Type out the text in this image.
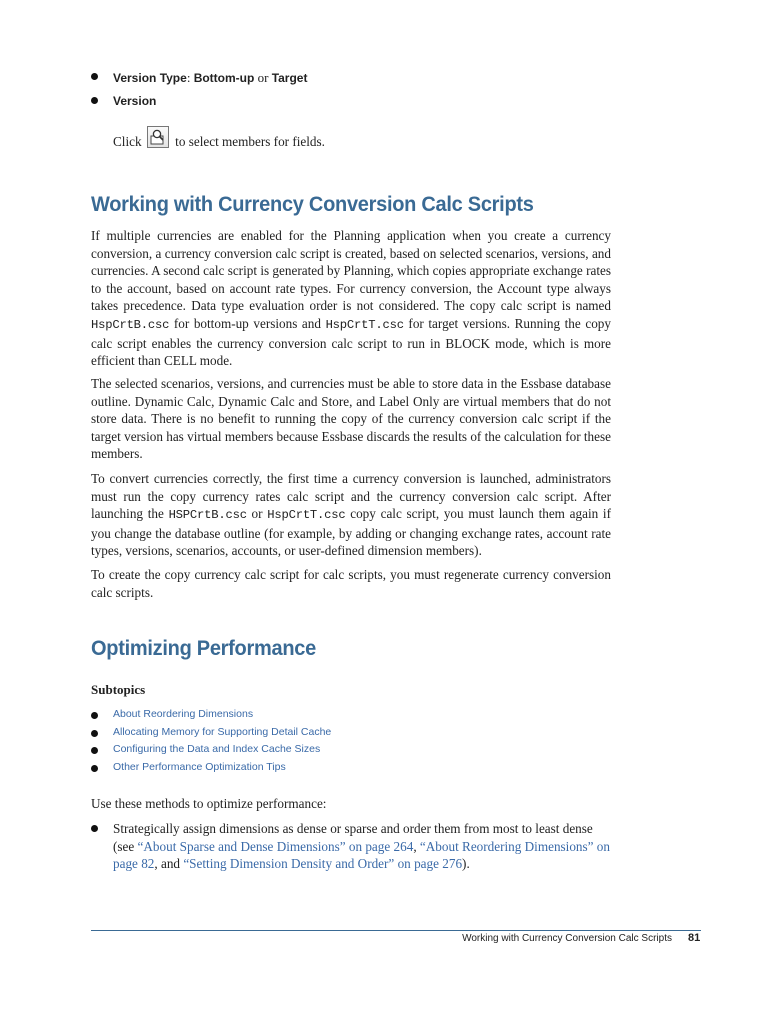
Version Type: Bottom-up or Target
Version
Click	to select members for fields.
Working with Currency Conversion Calc Scripts

If multiple currencies are enabled for the Planning application when you create a currency conversion, a currency conversion calc script is created, based on selected scenarios, versions, and currencies. A second calc script is generated by Planning, which copies appropriate exchange rates to the account, based on account rate types. For currency conversion, the Account type always takes precedence. Data type evaluation order is not considered. The copy calc script is named HspCrtB.csc for bottom-up versions and HspCrtT.csc for target versions. Running the copy calc script enables the currency conversion calc script to run in BLOCK mode, which is more efficient than CELL mode.

The selected scenarios, versions, and currencies must be able to store data in the Essbase database outline. Dynamic Calc, Dynamic Calc and Store, and Label Only are virtual members that do not store data. There is no benefit to running the copy of the currency conversion calc script if the target version has virtual members because Essbase discards the results of the calculation for these members.

To convert currencies correctly, the first time a currency conversion is launched, administrators must run the copy currency rates calc script and the currency conversion calc script. After launching the HSPCrtB.csc or HspCrtT.csc copy calc script, you must launch them again if you change the database outline (for example, by adding or changing exchange rates, account rate types, versions, scenarios, accounts, or user-defined dimension members).

To create the copy currency calc script for calc scripts, you must regenerate currency conversion calc scripts.

Optimizing Performance
Subtopics
About Reordering Dimensions
Allocating Memory for Supporting Detail Cache
Configuring the Data and Index Cache Sizes
Other Performance Optimization Tips

Use these methods to optimize performance:

Strategically assign dimensions as dense or sparse and order them from most to least dense (see “About Sparse and Dense Dimensions” on page 264, “About Reordering Dimensions” on page 82, and “Setting Dimension Density and Order” on page 276).

Working with Currency Conversion Calc Scripts 81
